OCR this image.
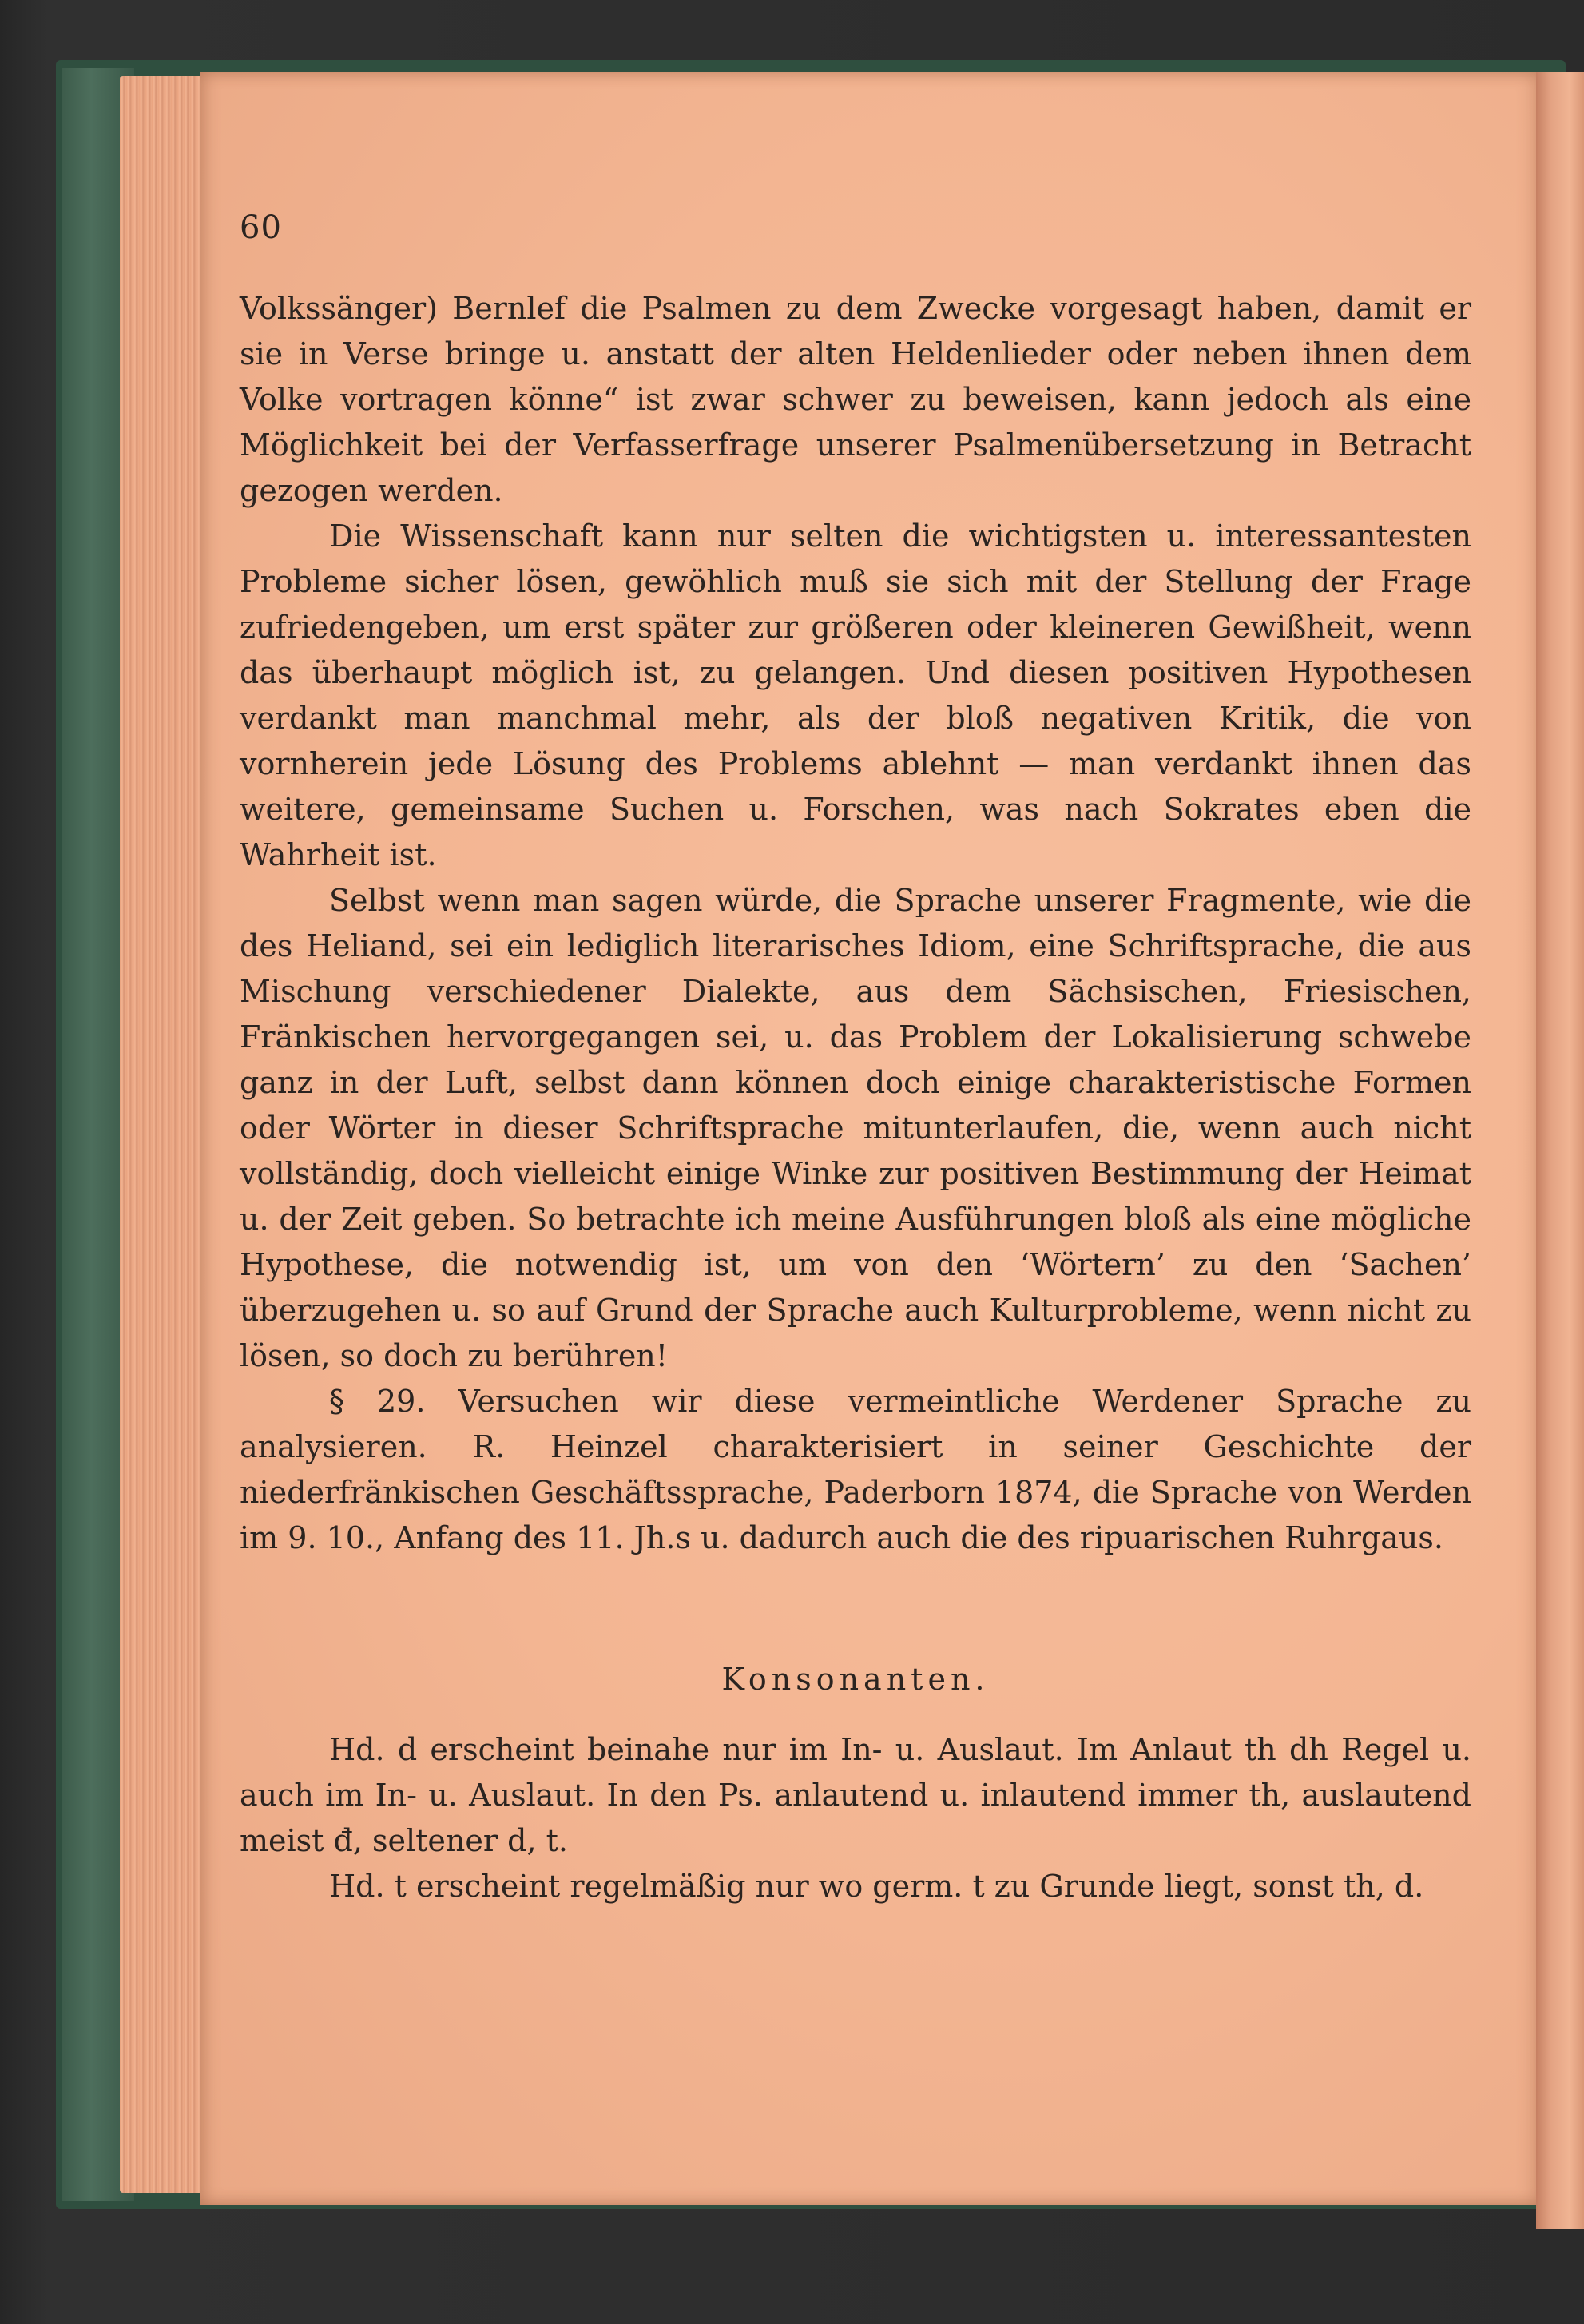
60

Volkssänger) Bernlef die Psalmen zu dem Zwecke vorgesagt haben, damit er sie in Verse bringe u. anstatt der alten Heldenlieder oder neben ihnen dem Volke vortragen könne“ ist zwar schwer zu beweisen, kann jedoch als eine Möglichkeit bei der Verfasserfrage unserer Psalmenübersetzung in Betracht gezogen werden.

Die Wissenschaft kann nur selten die wichtigsten u. interessantesten Probleme sicher lösen, gewöhlich muß sie sich mit der Stellung der Frage zufriedengeben, um erst später zur größeren oder kleineren Gewißheit, wenn das überhaupt möglich ist, zu gelangen. Und diesen positiven Hypothesen verdankt man manchmal mehr, als der bloß negativen Kritik, die von vornherein jede Lösung des Problems ablehnt — man verdankt ihnen das weitere, gemeinsame Suchen u. Forschen, was nach Sokrates eben die Wahrheit ist.

Selbst wenn man sagen würde, die Sprache unserer Fragmente, wie die des Heliand, sei ein lediglich literarisches Idiom, eine Schriftsprache, die aus Mischung verschiedener Dialekte, aus dem Sächsischen, Friesischen, Fränkischen hervorgegangen sei, u. das Problem der Lokalisierung schwebe ganz in der Luft, selbst dann können doch einige charakteristische Formen oder Wörter in dieser Schriftsprache mitunterlaufen, die, wenn auch nicht vollständig, doch vielleicht einige Winke zur positiven Bestimmung der Heimat u. der Zeit geben. So betrachte ich meine Ausführungen bloß als eine mögliche Hypothese, die notwendig ist, um von den ‘Wörtern’ zu den ‘Sachen’ überzugehen u. so auf Grund der Sprache auch Kulturprobleme, wenn nicht zu lösen, so doch zu berühren!

§ 29. Versuchen wir diese vermeintliche Werdener Sprache zu analysieren. R. Heinzel charakterisiert in seiner Geschichte der niederfränkischen Geschäftssprache, Paderborn 1874, die Sprache von Werden im 9. 10., Anfang des 11. Jh.s u. dadurch auch die des ripuarischen Ruhrgaus.

Konsonanten.

Hd. d erscheint beinahe nur im In- u. Auslaut. Im Anlaut th dh Regel u. auch im In- u. Auslaut. In den Ps. anlautend u. inlautend immer th, auslautend meist đ, seltener d, t.

Hd. t erscheint regelmäßig nur wo germ. t zu Grunde liegt, sonst th, d.
